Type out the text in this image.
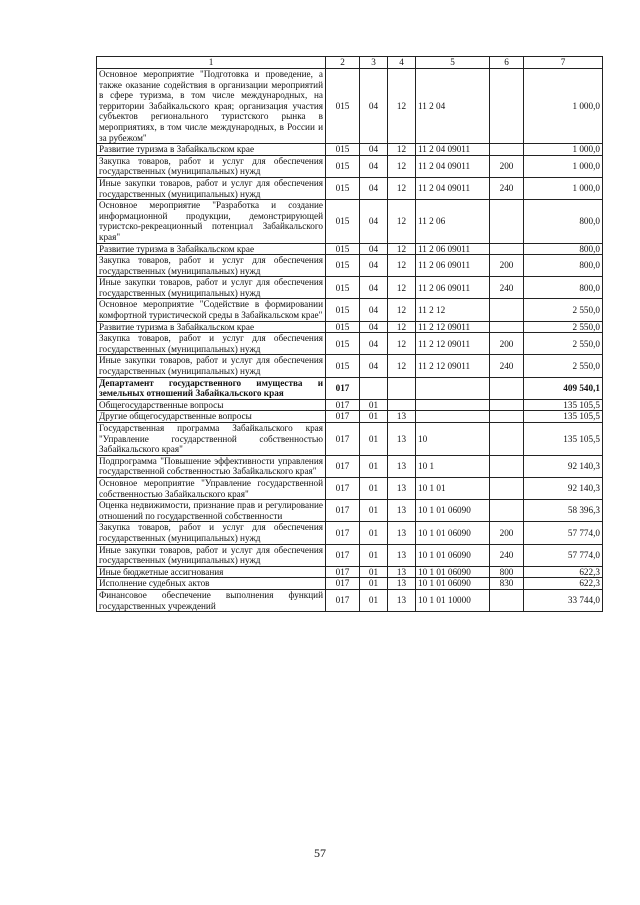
1	2	3	4	5	6	7
Основное мероприятие "Подготовка и проведение, а также оказание содействия в организации мероприятий в сфере туризма, в том числе международных, на территории Забайкальского края; организация участия субъектов регионального туристского рынка в мероприятиях, в том числе международных, в России и за рубежом"	015	04	12	11 2 04		1 000,0
Развитие туризма в Забайкальском крае	015	04	12	11 2 04 09011		1 000,0
Закупка товаров, работ и услуг для обеспечения государственных (муниципальных) нужд	015	04	12	11 2 04 09011	200	1 000,0
Иные закупки товаров, работ и услуг для обеспечения государственных (муниципальных) нужд	015	04	12	11 2 04 09011	240	1 000,0
Основное мероприятие "Разработка и создание информационной продукции, демонстрирующей туристско-рекреационный потенциал Забайкальского края"	015	04	12	11 2 06		800,0
Развитие туризма в Забайкальском крае	015	04	12	11 2 06 09011		800,0
Закупка товаров, работ и услуг для обеспечения государственных (муниципальных) нужд	015	04	12	11 2 06 09011	200	800,0
Иные закупки товаров, работ и услуг для обеспечения государственных (муниципальных) нужд	015	04	12	11 2 06 09011	240	800,0
Основное мероприятие "Содействие в формировании комфортной туристической среды в Забайкальском крае"	015	04	12	11 2 12		2 550,0
Развитие туризма в Забайкальском крае	015	04	12	11 2 12 09011		2 550,0
Закупка товаров, работ и услуг для обеспечения государственных (муниципальных) нужд	015	04	12	11 2 12 09011	200	2 550,0
Иные закупки товаров, работ и услуг для обеспечения государственных (муниципальных) нужд	015	04	12	11 2 12 09011	240	2 550,0
Департамент государственного имущества и земельных отношений Забайкальского края	017					409 540,1
Общегосударственные вопросы	017	01				135 105,5
Другие общегосударственные вопросы	017	01	13			135 105,5
Государственная программа Забайкальского края "Управление государственной собственностью Забайкальского края"	017	01	13	10		135 105,5
Подпрограмма "Повышение эффективности управления государственной собственностью Забайкальского края"	017	01	13	10 1		92 140,3
Основное мероприятие "Управление государственной собственностью Забайкальского края"	017	01	13	10 1 01		92 140,3
Оценка недвижимости, признание прав и регулирование отношений по государственной собственности	017	01	13	10 1 01 06090		58 396,3
Закупка товаров, работ и услуг для обеспечения государственных (муниципальных) нужд	017	01	13	10 1 01 06090	200	57 774,0
Иные закупки товаров, работ и услуг для обеспечения государственных (муниципальных) нужд	017	01	13	10 1 01 06090	240	57 774,0
Иные бюджетные ассигнования	017	01	13	10 1 01 06090	800	622,3
Исполнение судебных актов	017	01	13	10 1 01 06090	830	622,3
Финансовое обеспечение выполнения функций государственных учреждений	017	01	13	10 1 01 10000		33 744,0
57
